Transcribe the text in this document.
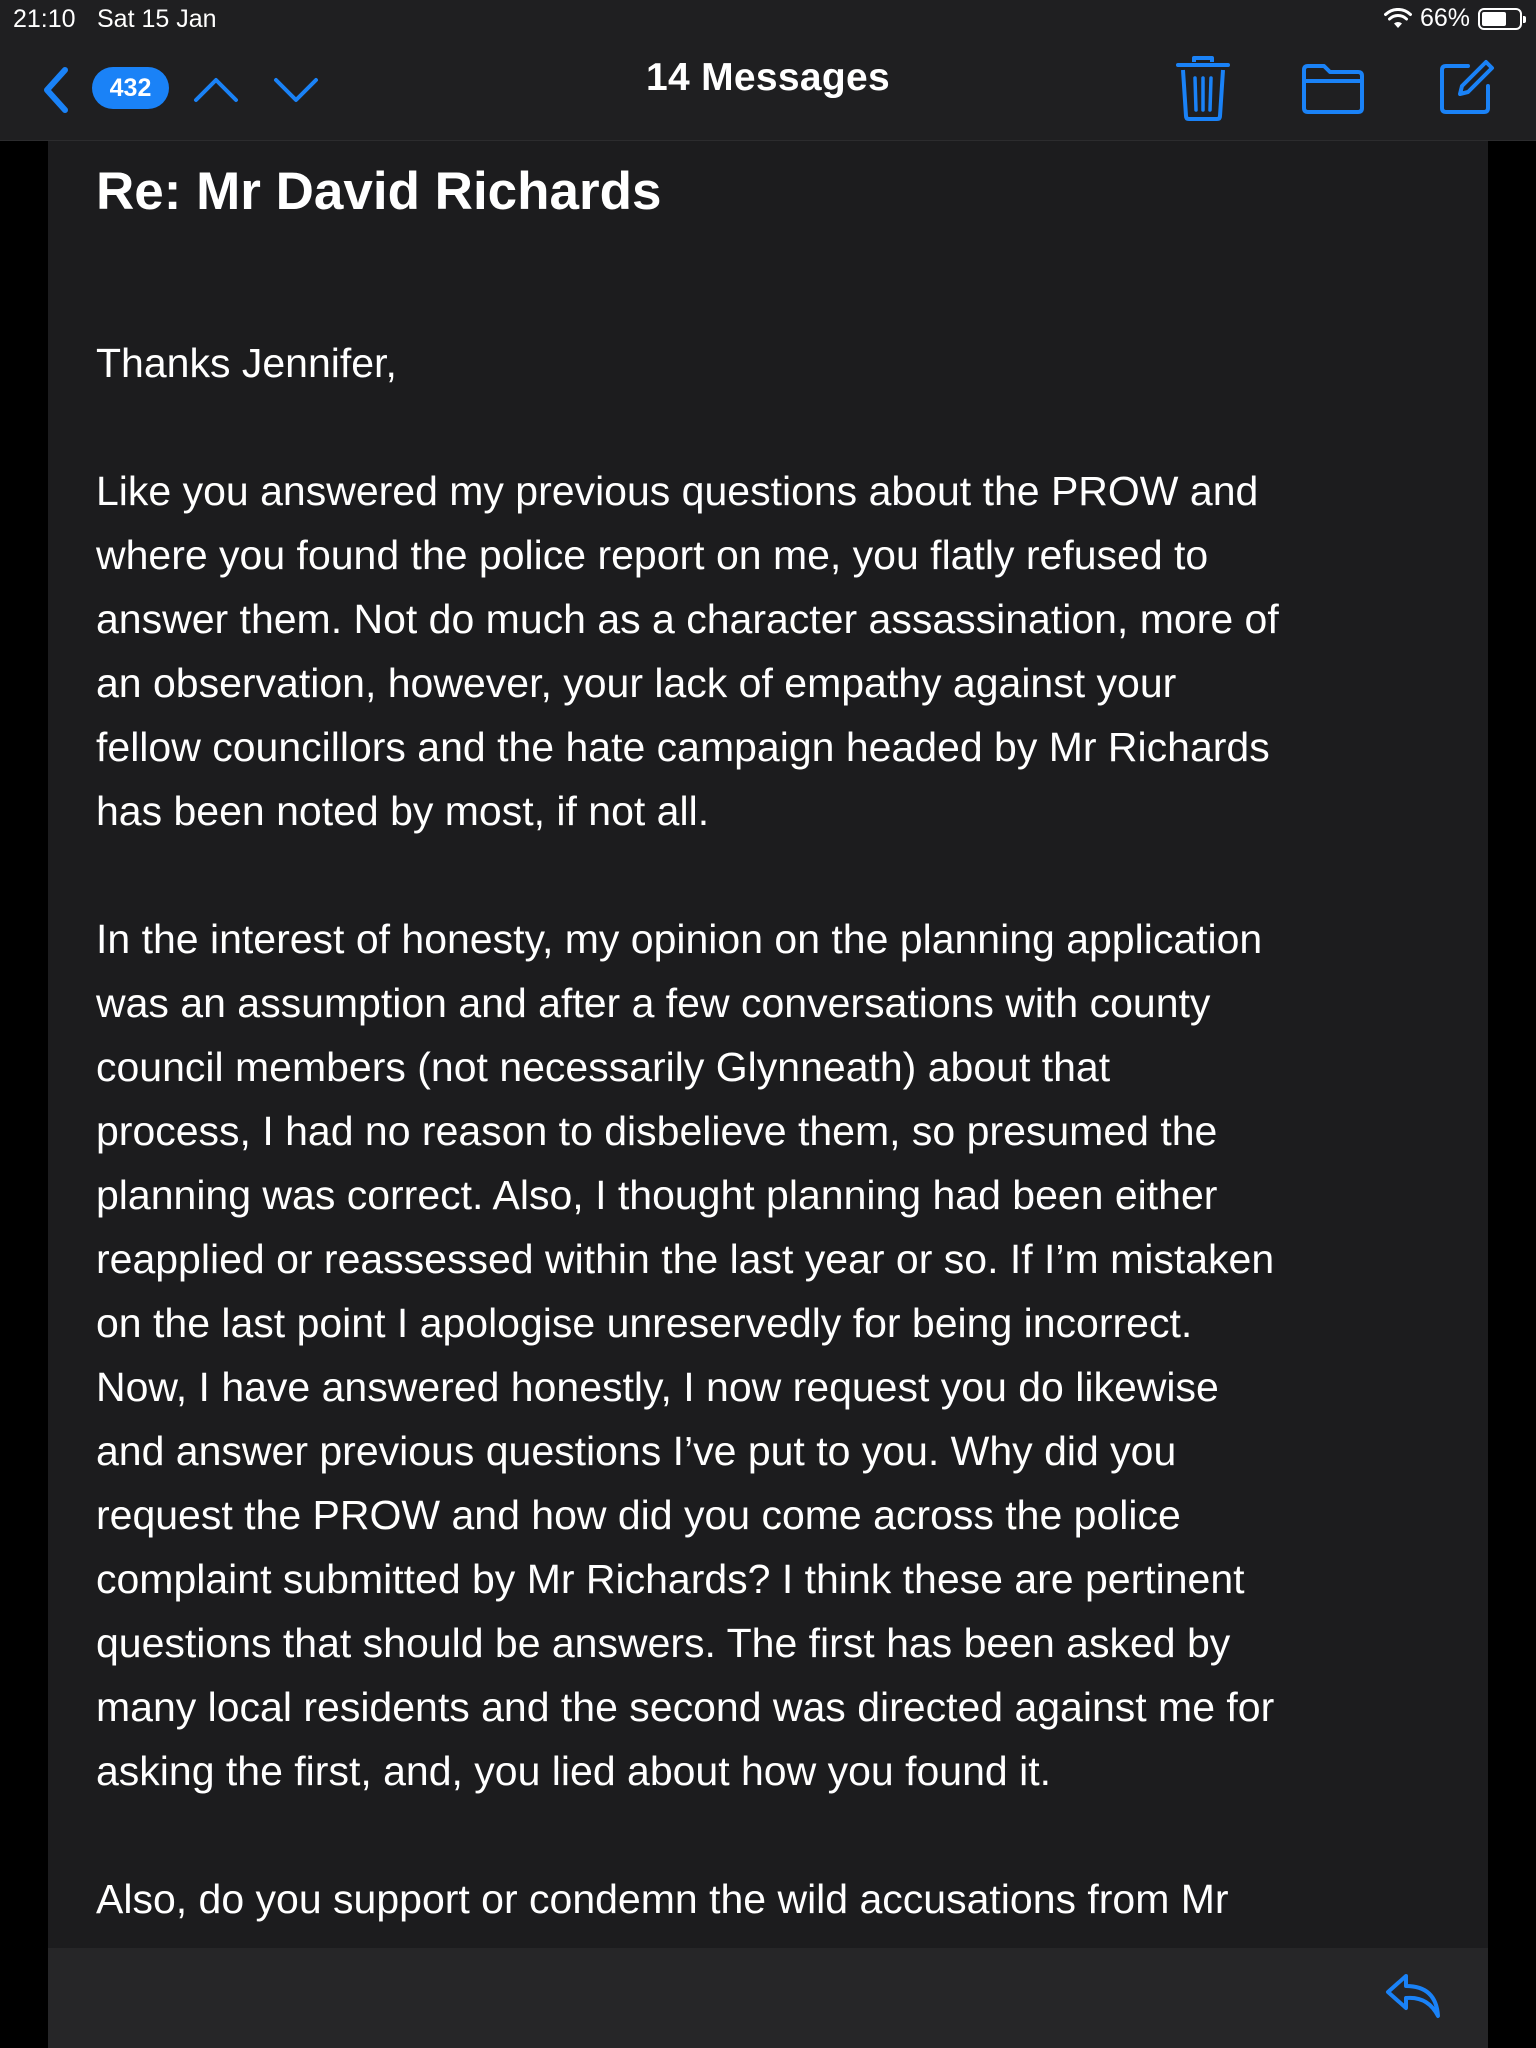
21:10 Sat 15 Jan	66%
432	14 Messages
Re: Mr David Richards

Thanks Jennifer,

Like you answered my previous questions about the PROW and
where you found the police report on me, you flatly refused to
answer them. Not do much as a character assassination, more of
an observation, however, your lack of empathy against your
fellow councillors and the hate campaign headed by Mr Richards
has been noted by most, if not all.

In the interest of honesty, my opinion on the planning application
was an assumption and after a few conversations with county
council members (not necessarily Glynneath) about that
process, I had no reason to disbelieve them, so presumed the
planning was correct. Also, I thought planning had been either
reapplied or reassessed within the last year or so. If I’m mistaken
on the last point I apologise unreservedly for being incorrect.
Now, I have answered honestly, I now request you do likewise
and answer previous questions I’ve put to you. Why did you
request the PROW and how did you come across the police
complaint submitted by Mr Richards? I think these are pertinent
questions that should be answers. The first has been asked by
many local residents and the second was directed against me for
asking the first, and, you lied about how you found it.

Also, do you support or condemn the wild accusations from Mr
